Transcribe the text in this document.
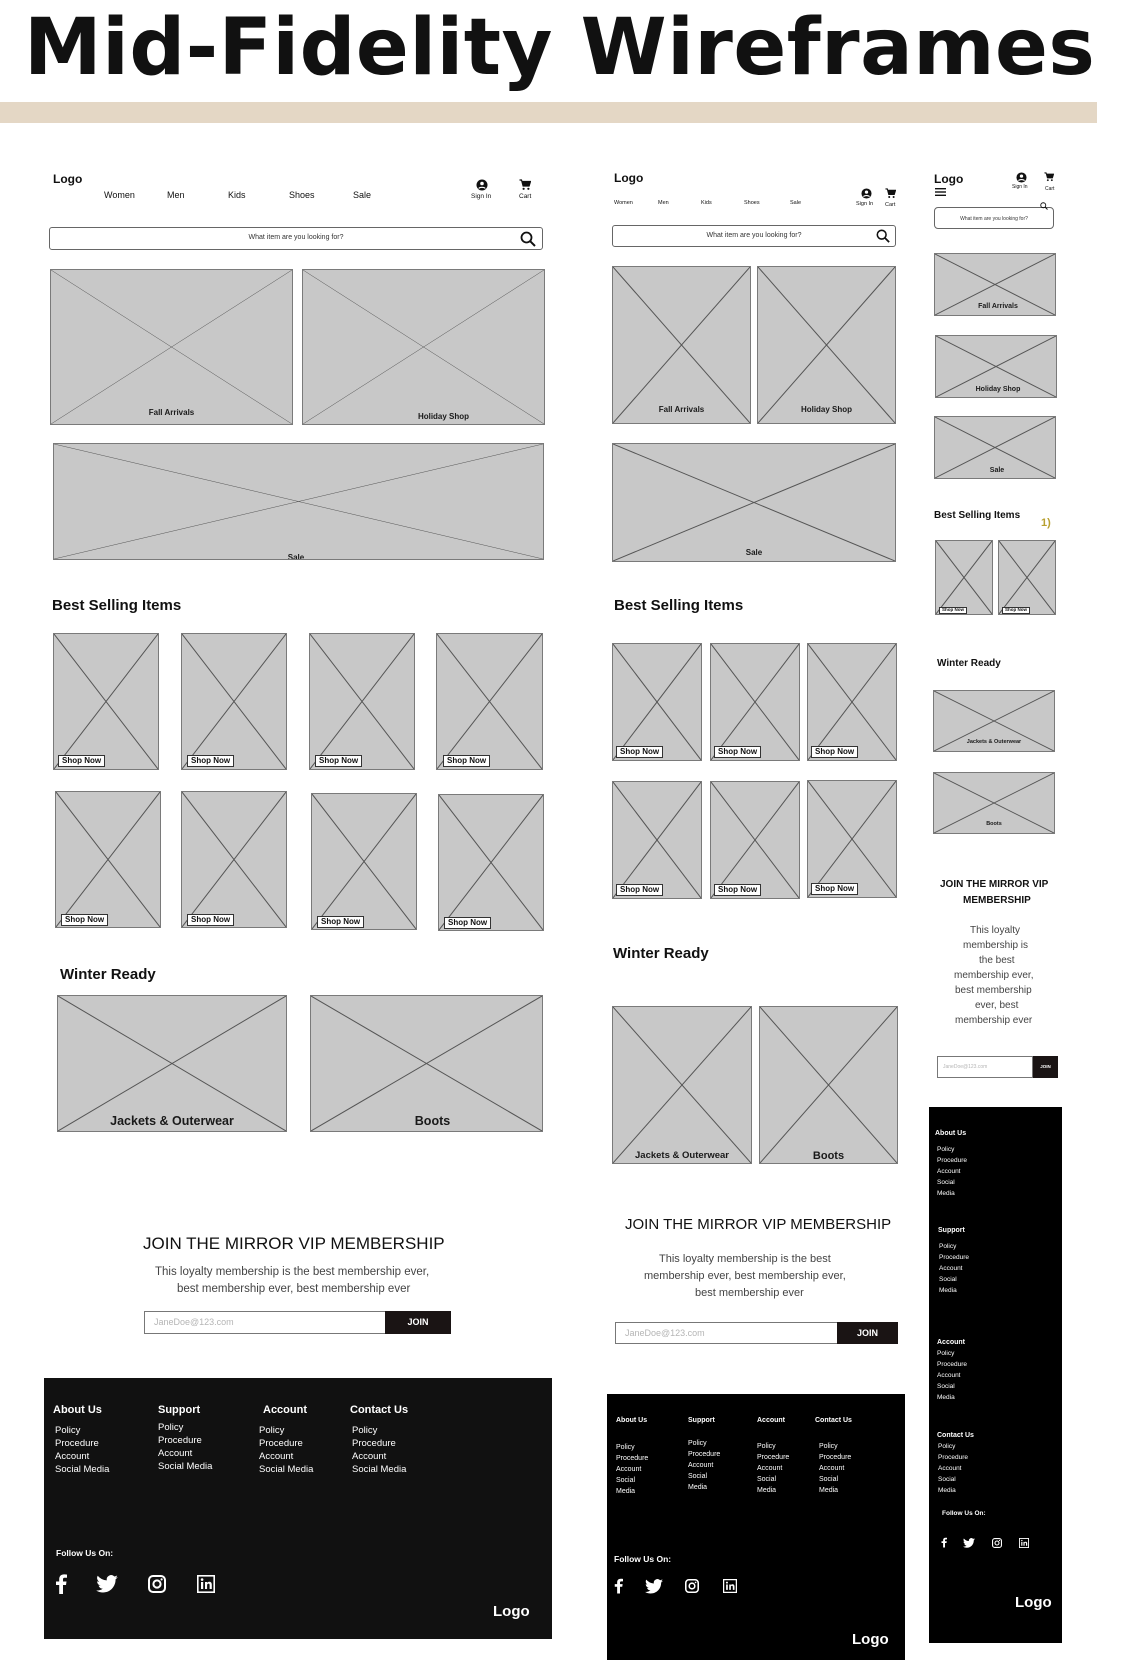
Mid-Fidelity Wireframes
Logo
Women	Men	Kids	Shoes	Sale	Sign In	Cart
What item are you looking for?
Fall Arrivals	Holiday Shop
Sale
Best Selling Items
Shop Now	Shop Now	Shop Now	Shop Now
Shop Now	Shop Now	Shop Now	Shop Now
Winter Ready
Jackets & Outerwear	Boots
JOIN THE MIRROR VIP MEMBERSHIP
This loyalty membership is the best membership ever,
best membership ever, best membership ever
JaneDoe@123.com	JOIN
About Us
Policy
Procedure
Account
Social Media
Support
Policy
Procedure
Account
Social Media
Account
Policy
Procedure
Account
Social Media
Contact Us
Policy
Procedure
Account
Social Media
Follow Us On:
Logo
Logo
Women	Men	Kids	Shoes	Sale	Sign In Cart
What item are you looking for?
Fall Arrivals	Holiday Shop
Sale
Best Selling Items
Shop Now	Shop Now	Shop Now
Shop Now	Shop Now	Shop Now
Winter Ready
Jackets & Outerwear	Boots
JOIN THE MIRROR VIP MEMBERSHIP
This loyalty membership is the best
membership ever, best membership ever,
best membership ever
JaneDoe@123.com	JOIN
About Us
Policy
Procedure
Account
Social
Media
Support
Policy
Procedure
Account
Social
Media
Account
Policy
Procedure
Account
Social
Media
Contact Us
Policy
Procedure
Account
Social
Media
Follow Us On:
Logo
Logo
Sign In	Cart
What item are you looking for?
Fall Arrivals
Holiday Shop
Sale
Best Selling Items
1)
Shop Now	Shop Now
Winter Ready
Jackets & Outerwear
Boots
JOIN THE MIRROR VIP
MEMBERSHIP
This loyalty
membership is
the best
membership ever,
best membership
ever, best
membership ever
JaneDoe@123.com	JOIN
About Us
Policy
Procedure
Account
Social
Media
Support
Policy
Procedure
Account
Social
Media
Account
Policy
Procedure
Account
Social
Media
Contact Us
Policy
Procedure
Account
Social
Media
Follow Us On:
Logo
